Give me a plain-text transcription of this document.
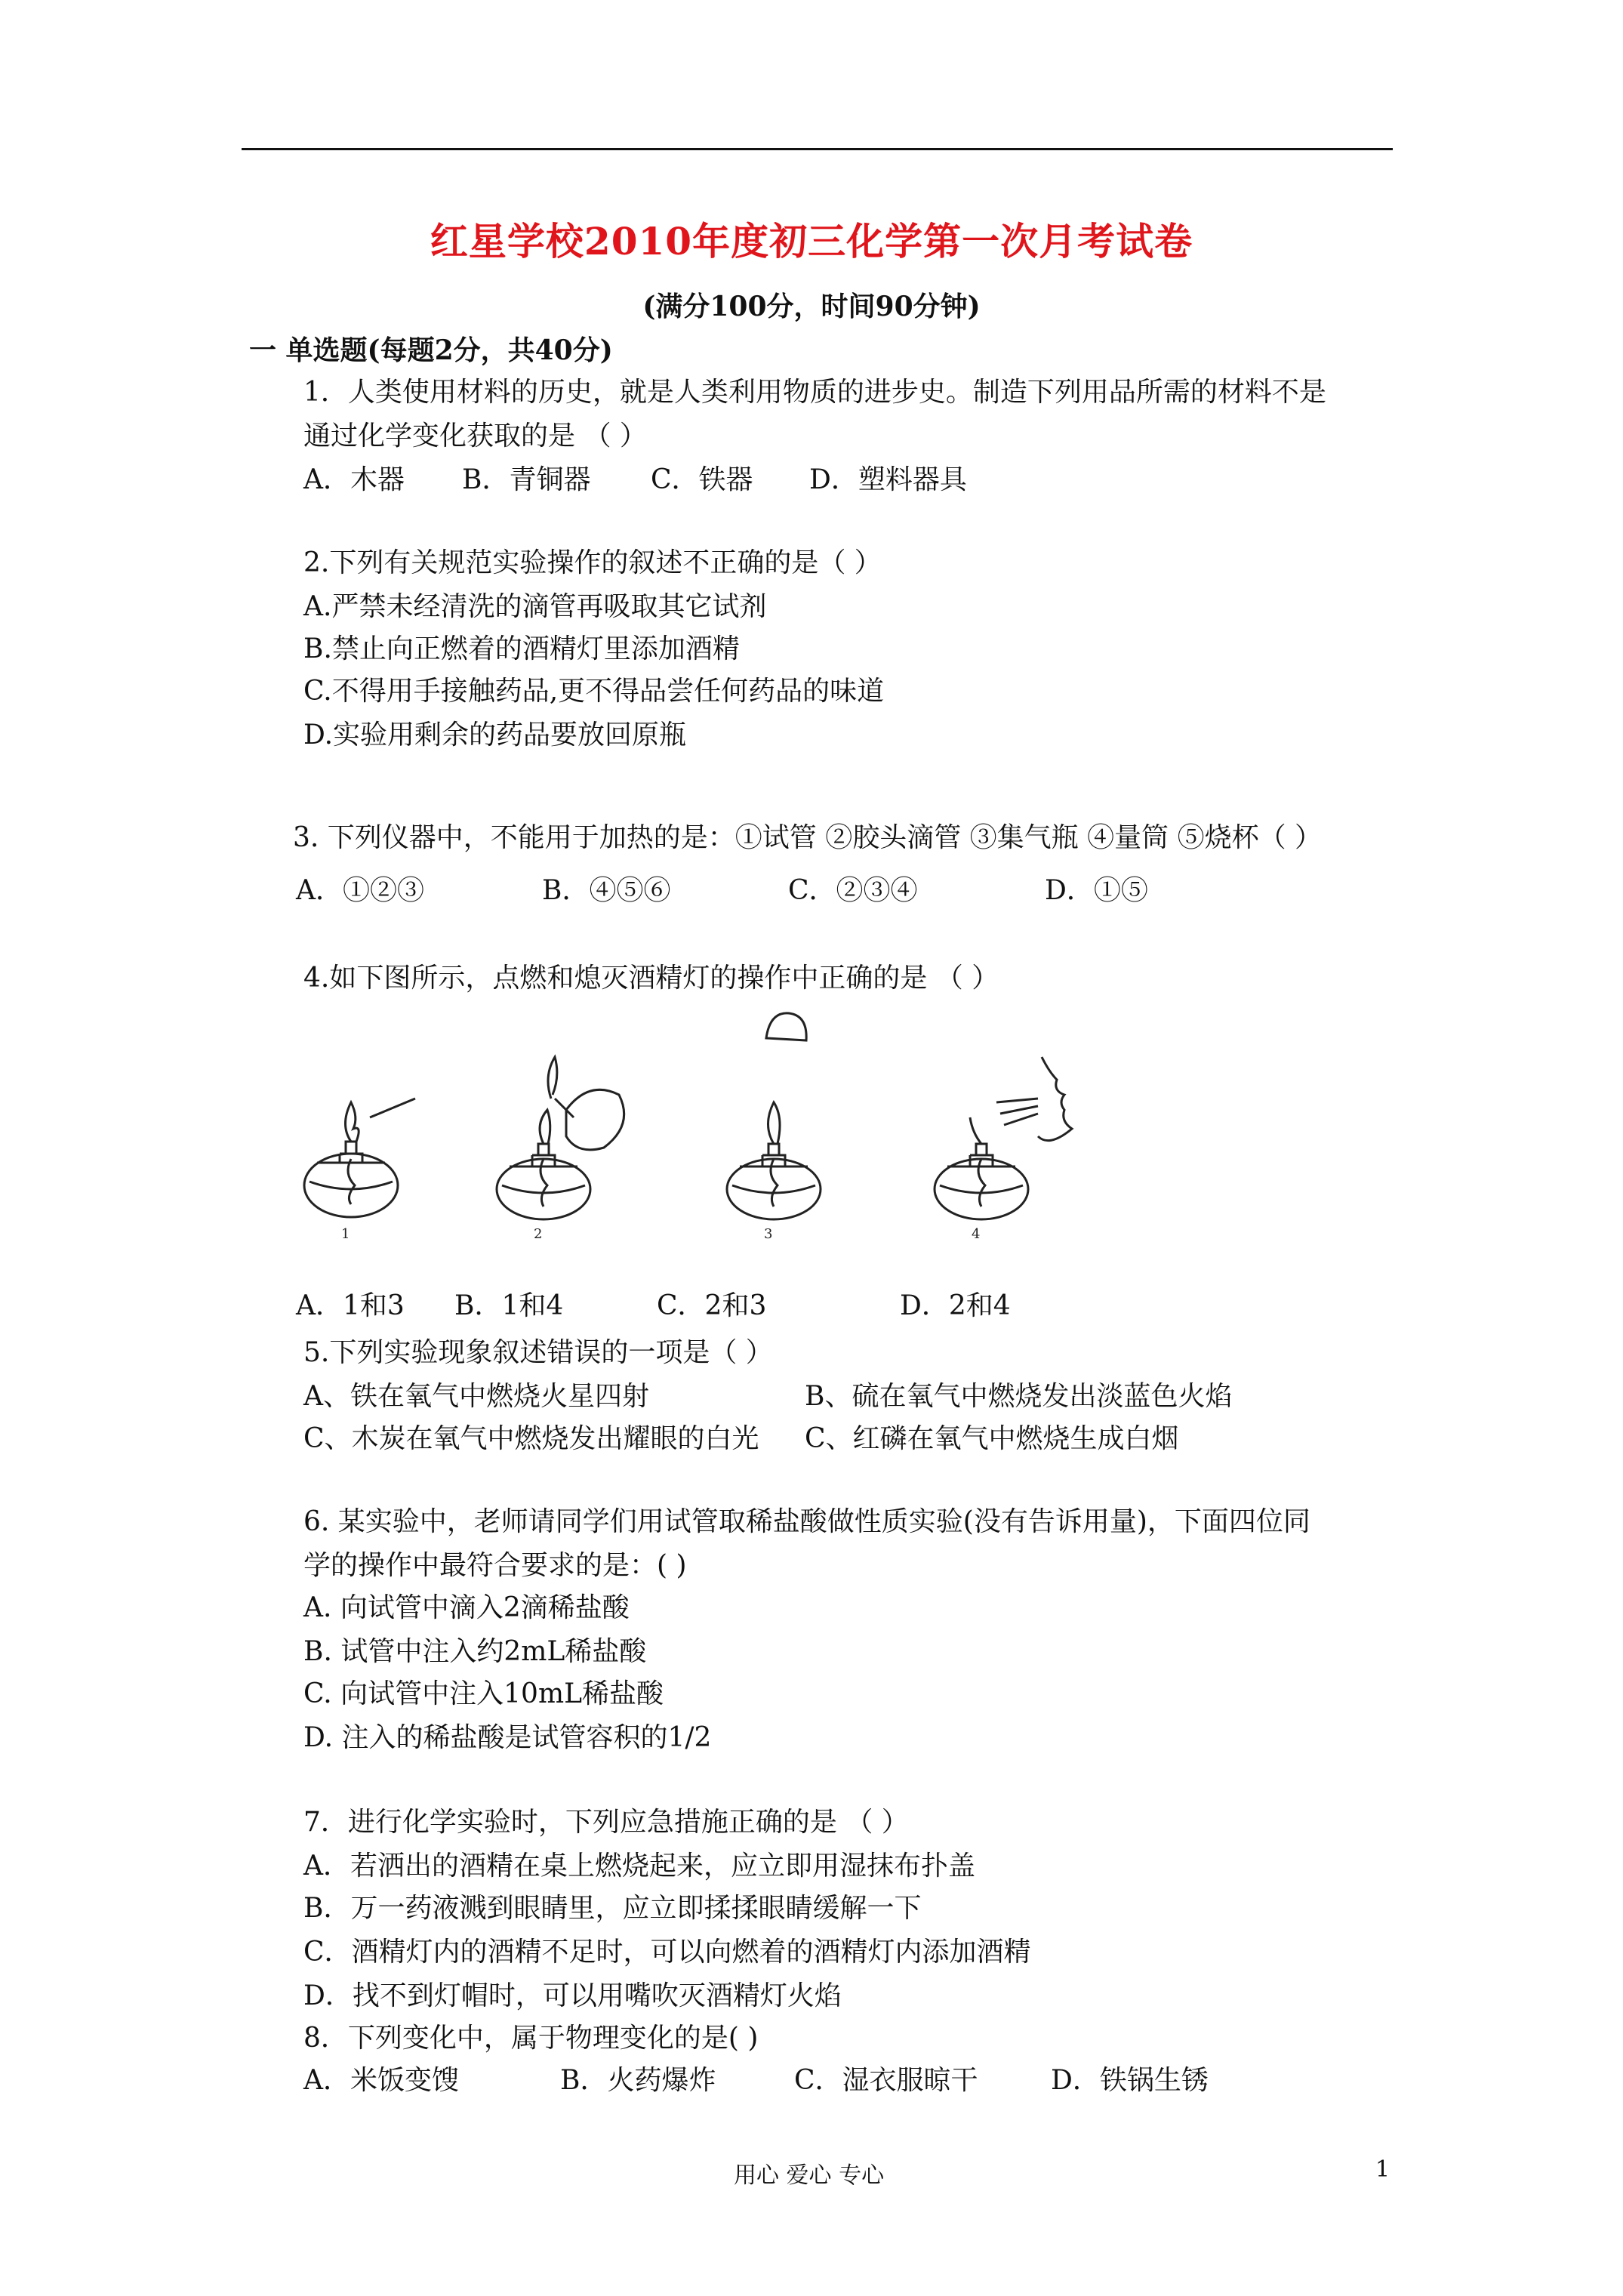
红星学校2010年度初三化学第一次月考试卷
(满分100分，时间90分钟)
一 单选题(每题2分，共40分)
1．人类使用材料的历史，就是人类利用物质的进步史。制造下列用品所需的材料不是
通过化学变化获取的是 （ ）
A．木器 B．青铜器 C．铁器 D．塑料器具
2.下列有关规范实验操作的叙述不正确的是（ ）
A.严禁未经清洗的滴管再吸取其它试剂
B.禁止向正燃着的酒精灯里添加酒精
C.不得用手接触药品,更不得品尝任何药品的味道
D.实验用剩余的药品要放回原瓶
3. 下列仪器中，不能用于加热的是：①试管 ②胶头滴管 ③集气瓶 ④量筒 ⑤烧杯（ ）
A．①②③	B．④⑤⑥	C．②③④	D．①⑤
4.如下图所示，点燃和熄灭酒精灯的操作中正确的是 （ ）
1	2	3	4
A．1和3 B．1和4	C．2和3	D．2和4
5.下列实验现象叙述错误的一项是（ ）
A、铁在氧气中燃烧火星四射	B、硫在氧气中燃烧发出淡蓝色火焰
C、木炭在氧气中燃烧发出耀眼的白光 C、红磷在氧气中燃烧生成白烟
6. 某实验中，老师请同学们用试管取稀盐酸做性质实验(没有告诉用量)，下面四位同
学的操作中最符合要求的是：( )
A. 向试管中滴入2滴稀盐酸
B. 试管中注入约2mL稀盐酸
C. 向试管中注入10mL稀盐酸
D. 注入的稀盐酸是试管容积的1/2
7．进行化学实验时，下列应急措施正确的是 （ ）
A．若洒出的酒精在桌上燃烧起来，应立即用湿抹布扑盖
B．万一药液溅到眼睛里，应立即揉揉眼睛缓解一下
C．酒精灯内的酒精不足时，可以向燃着的酒精灯内添加酒精
D．找不到灯帽时，可以用嘴吹灭酒精灯火焰
8．下列变化中，属于物理变化的是( )
A．米饭变馊	B．火药爆炸	C．湿衣服晾干	D．铁锅生锈
用心 爱心 专心	1
